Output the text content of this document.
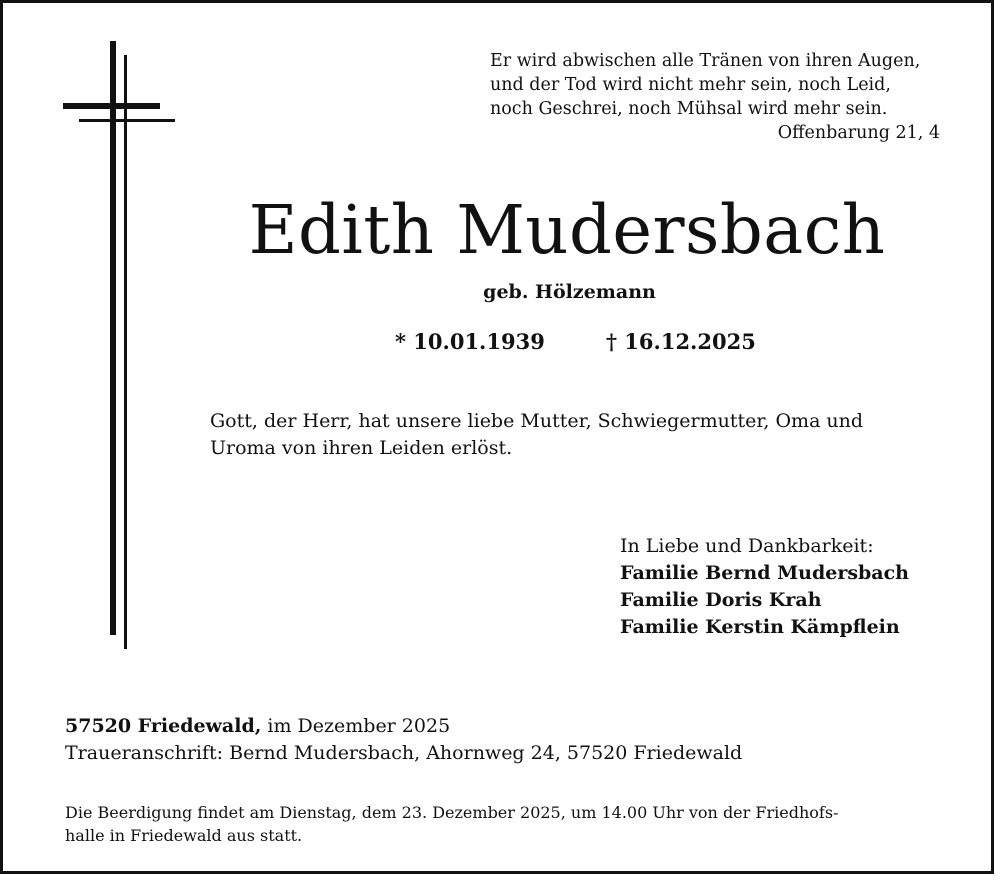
Er wird abwischen alle Tränen von ihren Augen,
und der Tod wird nicht mehr sein, noch Leid,
noch Geschrei, noch Mühsal wird mehr sein.
Offenbarung 21, 4
Edith Mudersbach
geb. Hölzemann
* 10.01.1939	† 16.12.2025
Gott, der Herr, hat unsere liebe Mutter, Schwiegermutter, Oma und
Uroma von ihren Leiden erlöst.
In Liebe und Dankbarkeit:
Familie Bernd Mudersbach
Familie Doris Krah
Familie Kerstin Kämpflein
57520 Friedewald, im Dezember 2025
Traueranschrift: Bernd Mudersbach, Ahornweg 24, 57520 Friedewald
Die Beerdigung findet am Dienstag, dem 23. Dezember 2025, um 14.00 Uhr von der Friedhofs-
halle in Friedewald aus statt.
